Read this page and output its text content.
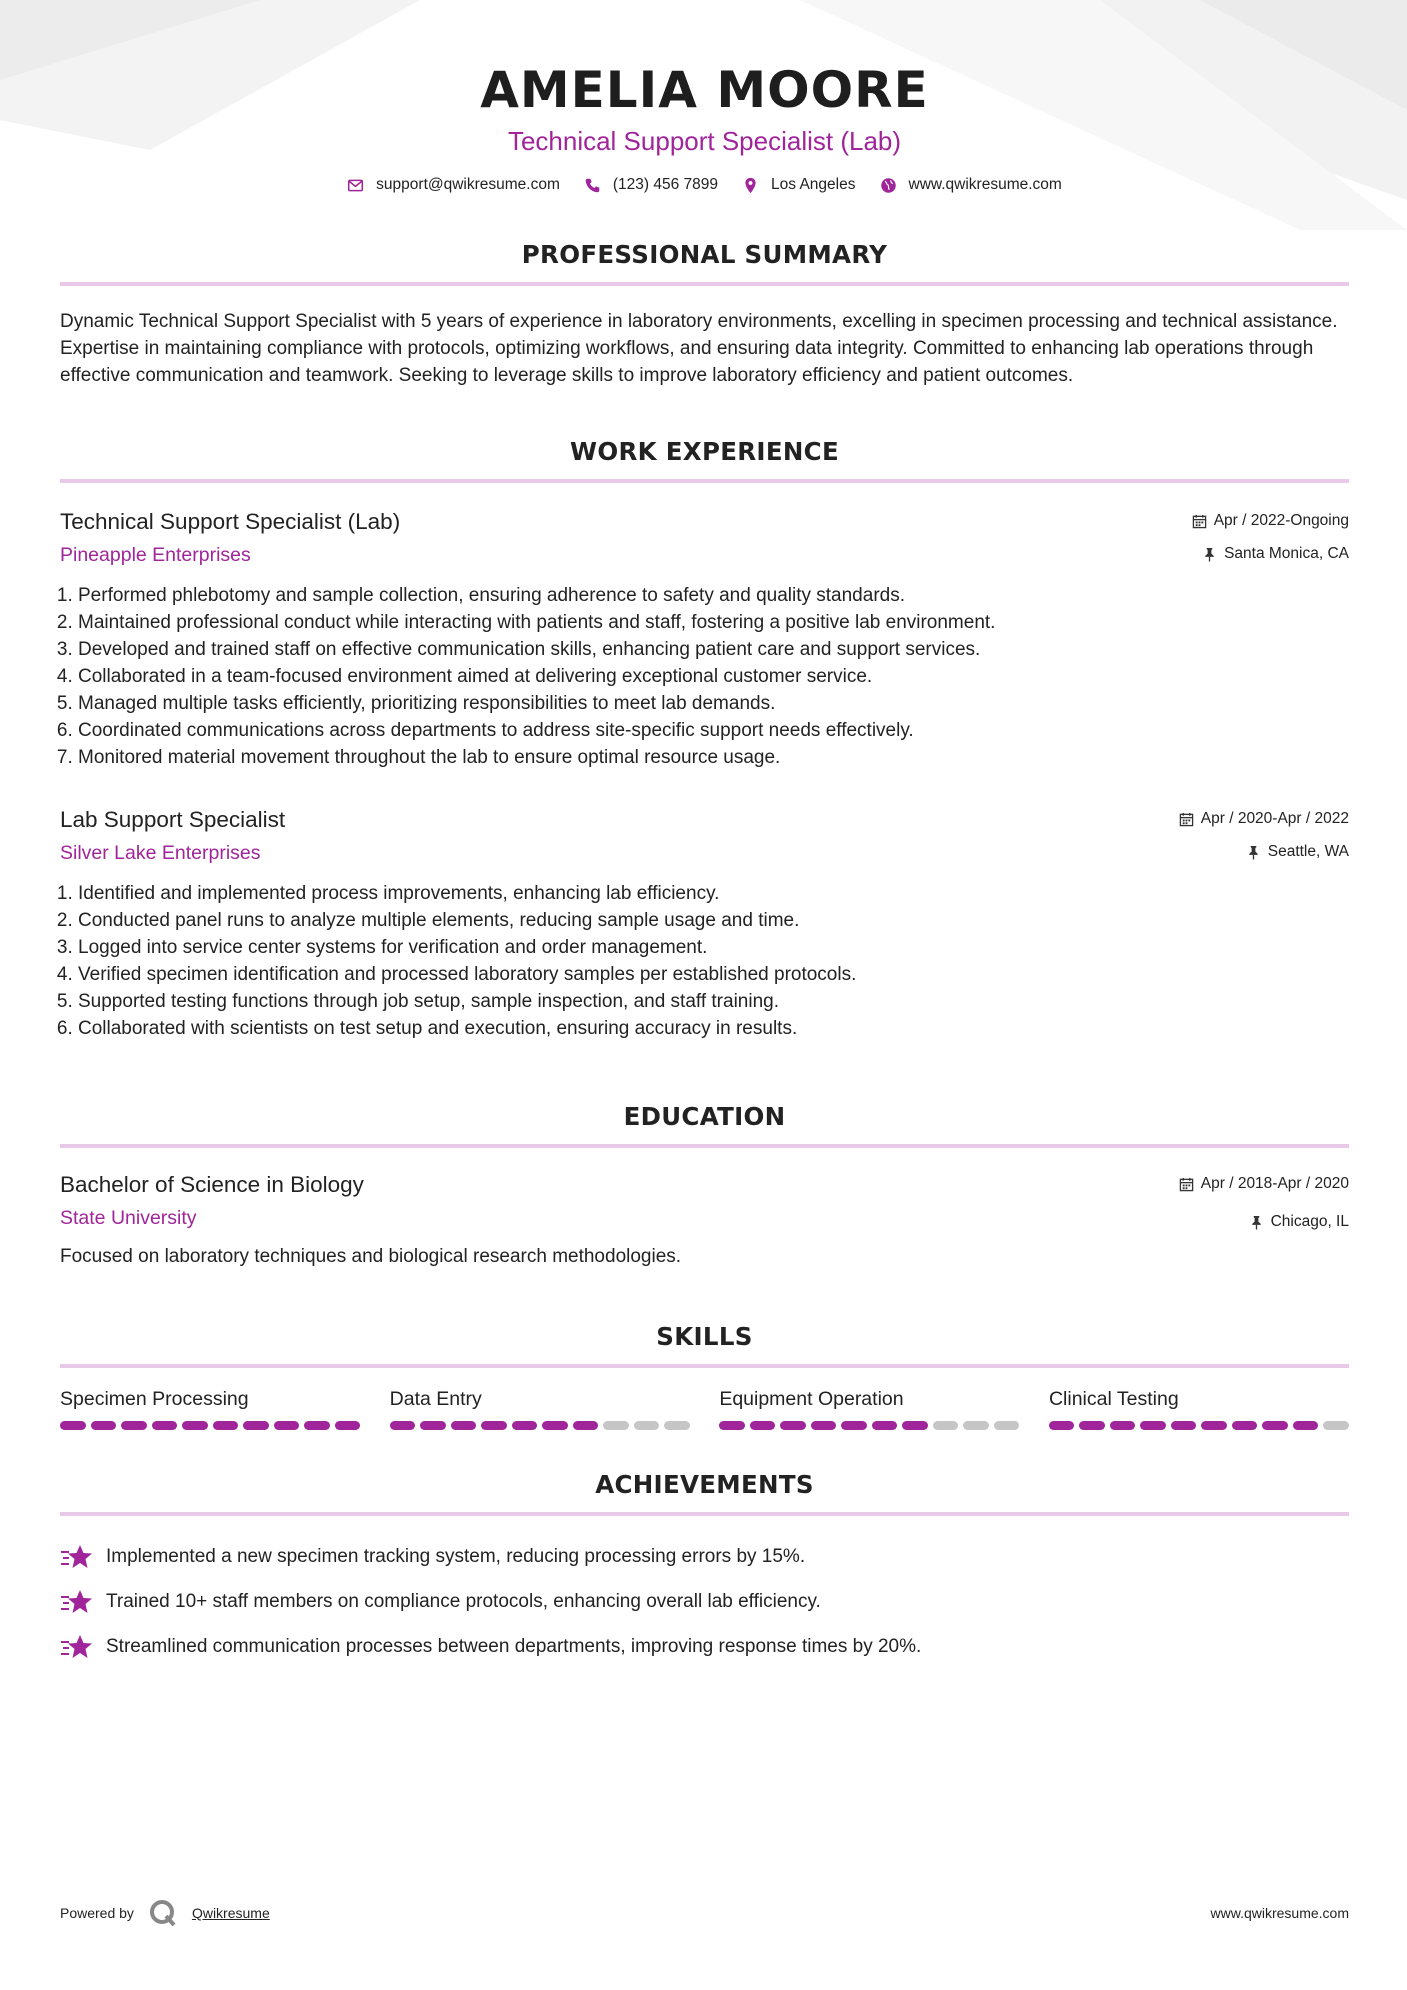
AMELIA MOORE
Technical Support Specialist (Lab)
support@qwikresume.com	(123) 456 7899	Los Angeles	www.qwikresume.com
PROFESSIONAL SUMMARY
Dynamic Technical Support Specialist with 5 years of experience in laboratory environments, excelling in specimen processing and technical assistance. Expertise in maintaining compliance with protocols, optimizing workflows, and ensuring data integrity. Committed to enhancing lab operations through effective communication and teamwork. Seeking to leverage skills to improve laboratory efficiency and patient outcomes.
WORK EXPERIENCE
Technical Support Specialist (Lab)
Pineapple Enterprises
Apr / 2022-Ongoing
Santa Monica, CA
1. Performed phlebotomy and sample collection, ensuring adherence to safety and quality standards.
2. Maintained professional conduct while interacting with patients and staff, fostering a positive lab environment.
3. Developed and trained staff on effective communication skills, enhancing patient care and support services.
4. Collaborated in a team-focused environment aimed at delivering exceptional customer service.
5. Managed multiple tasks efficiently, prioritizing responsibilities to meet lab demands.
6. Coordinated communications across departments to address site-specific support needs effectively.
7. Monitored material movement throughout the lab to ensure optimal resource usage.
Lab Support Specialist
Silver Lake Enterprises
Apr / 2020-Apr / 2022
Seattle, WA
1. Identified and implemented process improvements, enhancing lab efficiency.
2. Conducted panel runs to analyze multiple elements, reducing sample usage and time.
3. Logged into service center systems for verification and order management.
4. Verified specimen identification and processed laboratory samples per established protocols.
5. Supported testing functions through job setup, sample inspection, and staff training.
6. Collaborated with scientists on test setup and execution, ensuring accuracy in results.
EDUCATION
Bachelor of Science in Biology
State University
Apr / 2018-Apr / 2020
Chicago, IL
Focused on laboratory techniques and biological research methodologies.
SKILLS
Specimen Processing	Data Entry	Equipment Operation	Clinical Testing
ACHIEVEMENTS
Implemented a new specimen tracking system, reducing processing errors by 15%.
Trained 10+ staff members on compliance protocols, enhancing overall lab efficiency.
Streamlined communication processes between departments, improving response times by 20%.
Powered by	Qwikresume	www.qwikresume.com
